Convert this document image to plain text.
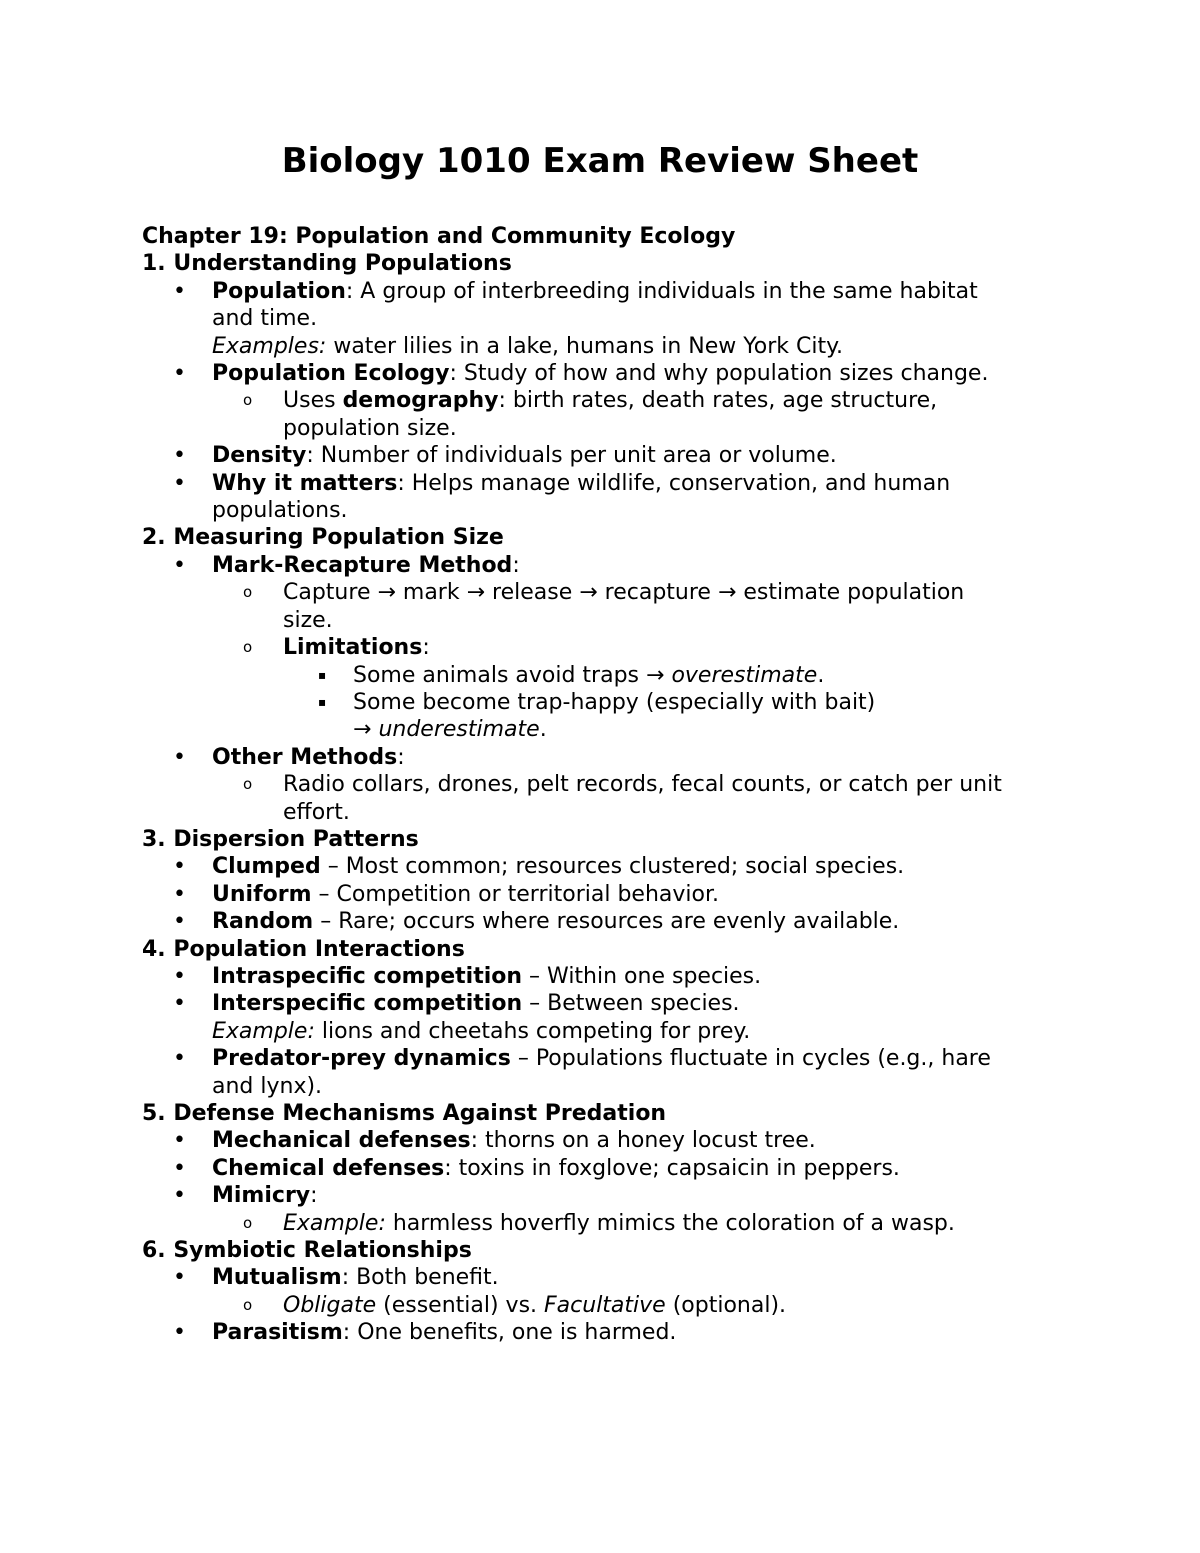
Biology 1010 Exam Review Sheet
Chapter 19: Population and Community Ecology
1. Understanding Populations
• Population: A group of interbreeding individuals in the same habitat
and time.
Examples: water lilies in a lake, humans in New York City.
• Population Ecology: Study of how and why population sizes change.
o Uses demography: birth rates, death rates, age structure,
population size.
• Density: Number of individuals per unit area or volume.
• Why it matters: Helps manage wildlife, conservation, and human
populations.
2. Measuring Population Size
• Mark-Recapture Method:
o Capture → mark → release → recapture → estimate population
size.
o Limitations:
▪ Some animals avoid traps → overestimate.
▪ Some become trap-happy (especially with bait)
→ underestimate.
• Other Methods:
o Radio collars, drones, pelt records, fecal counts, or catch per unit
effort.
3. Dispersion Patterns
• Clumped – Most common; resources clustered; social species.
• Uniform – Competition or territorial behavior.
• Random – Rare; occurs where resources are evenly available.
4. Population Interactions
• Intraspecific competition – Within one species.
• Interspecific competition – Between species.
Example: lions and cheetahs competing for prey.
• Predator-prey dynamics – Populations fluctuate in cycles (e.g., hare
and lynx).
5. Defense Mechanisms Against Predation
• Mechanical defenses: thorns on a honey locust tree.
• Chemical defenses: toxins in foxglove; capsaicin in peppers.
• Mimicry:
o Example: harmless hoverfly mimics the coloration of a wasp.
6. Symbiotic Relationships
• Mutualism: Both benefit.
o Obligate (essential) vs. Facultative (optional).
• Parasitism: One benefits, one is harmed.
